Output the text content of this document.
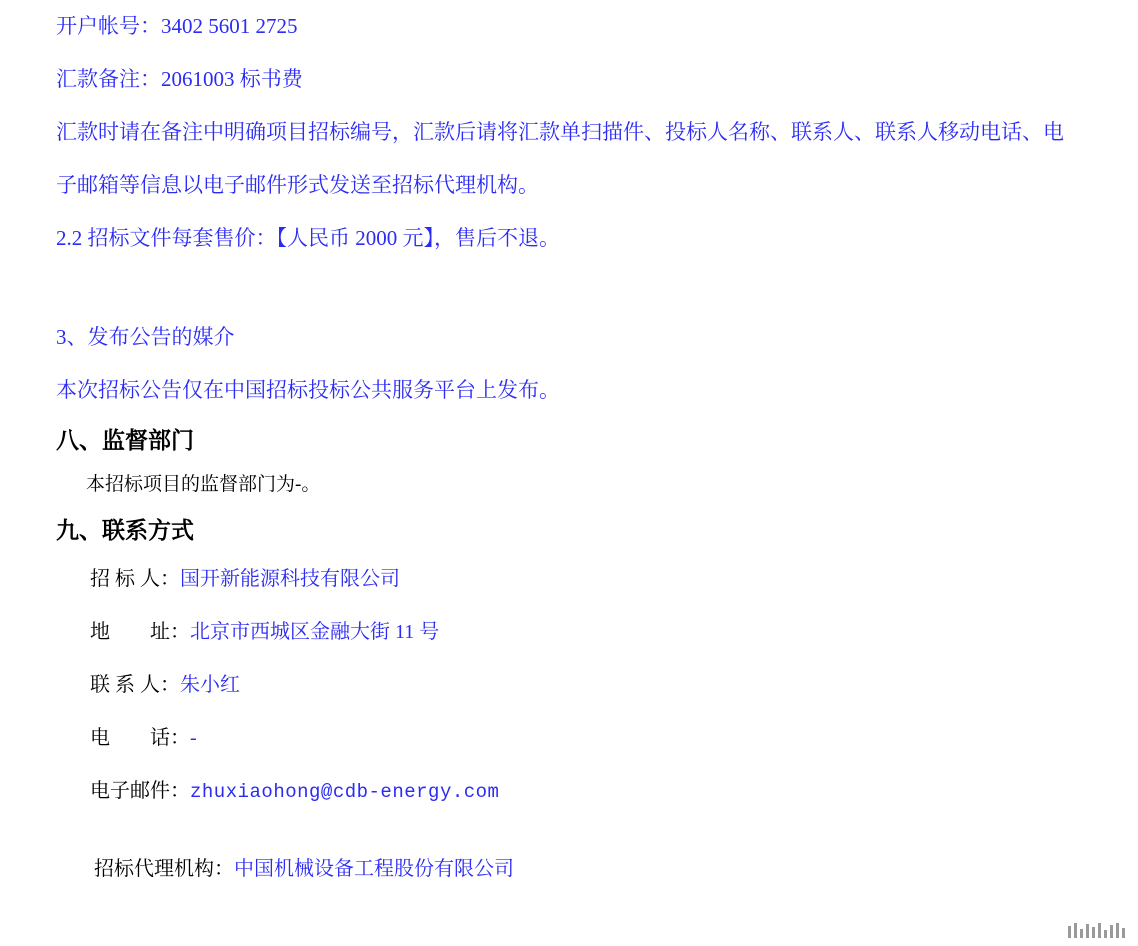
开户帐号：3402 5601 2725
汇款备注：2061003 标书费
汇款时请在备注中明确项目招标编号，汇款后请将汇款单扫描件、投标人名称、联系人、联系人移动电话、电子邮箱等信息以电子邮件形式发送至招标代理机构。
2.2 招标文件每套售价：【人民币 2000 元】，售后不退。
3、发布公告的媒介
本次招标公告仅在中国招标投标公共服务平台上发布。
八、监督部门
本招标项目的监督部门为-。
九、联系方式
招 标 人：国开新能源科技有限公司
地　　址：北京市西城区金融大街 11 号
联 系 人：朱小红
电　　话：-
电子邮件：zhuxiaohong@cdb-energy.com
招标代理机构：中国机械设备工程股份有限公司
